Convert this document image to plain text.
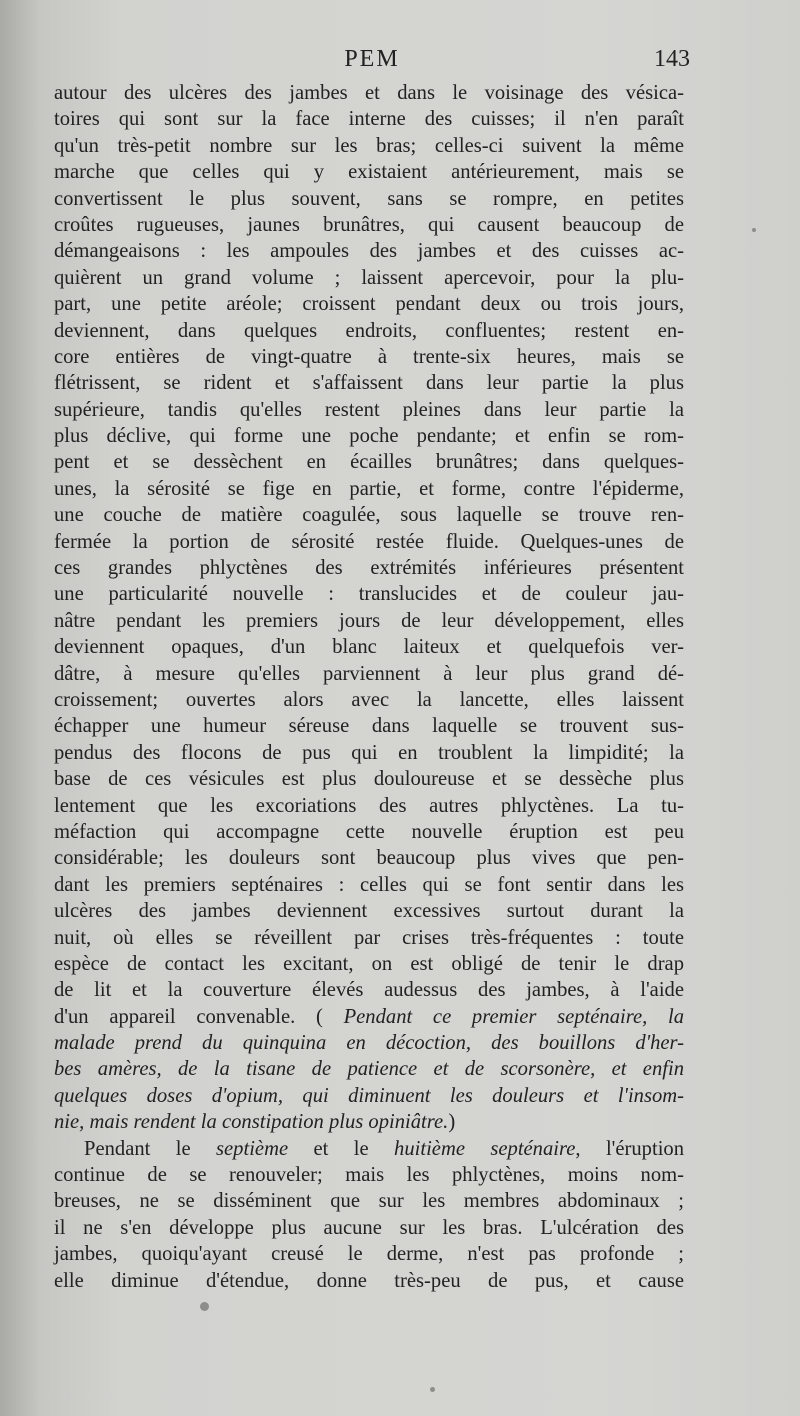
PEM	143
autour des ulcères des jambes et dans le voisinage des vésica-
toires qui sont sur la face interne des cuisses; il n'en paraît
qu'un très-petit nombre sur les bras; celles-ci suivent la même
marche que celles qui y existaient antérieurement, mais se
convertissent le plus souvent, sans se rompre, en petites
croûtes rugueuses, jaunes brunâtres, qui causent beaucoup de
démangeaisons : les ampoules des jambes et des cuisses ac-
quièrent un grand volume ; laissent apercevoir, pour la plu-
part, une petite aréole; croissent pendant deux ou trois jours,
deviennent, dans quelques endroits, confluentes; restent en-
core entières de vingt-quatre à trente-six heures, mais se
flétrissent, se rident et s'affaissent dans leur partie la plus
supérieure, tandis qu'elles restent pleines dans leur partie la
plus déclive, qui forme une poche pendante; et enfin se rom-
pent et se dessèchent en écailles brunâtres; dans quelques-
unes, la sérosité se fige en partie, et forme, contre l'épiderme,
une couche de matière coagulée, sous laquelle se trouve ren-
fermée la portion de sérosité restée fluide. Quelques-unes de
ces grandes phlyctènes des extrémités inférieures présentent
une particularité nouvelle : translucides et de couleur jau-
nâtre pendant les premiers jours de leur développement, elles
deviennent opaques, d'un blanc laiteux et quelquefois ver-
dâtre, à mesure qu'elles parviennent à leur plus grand dé-
croissement; ouvertes alors avec la lancette, elles laissent
échapper une humeur séreuse dans laquelle se trouvent sus-
pendus des flocons de pus qui en troublent la limpidité; la
base de ces vésicules est plus douloureuse et se dessèche plus
lentement que les excoriations des autres phlyctènes. La tu-
méfaction qui accompagne cette nouvelle éruption est peu
considérable; les douleurs sont beaucoup plus vives que pen-
dant les premiers septénaires : celles qui se font sentir dans les
ulcères des jambes deviennent excessives surtout durant la
nuit, où elles se réveillent par crises très-fréquentes : toute
espèce de contact les excitant, on est obligé de tenir le drap
de lit et la couverture élevés audessus des jambes, à l'aide
d'un appareil convenable. ( Pendant ce premier septénaire, la
malade prend du quinquina en décoction, des bouillons d'her-
bes amères, de la tisane de patience et de scorsonère, et enfin
quelques doses d'opium, qui diminuent les douleurs et l'insom-
nie, mais rendent la constipation plus opiniâtre.)
Pendant le septième et le huitième septénaire, l'éruption
continue de se renouveler; mais les phlyctènes, moins nom-
breuses, ne se disséminent que sur les membres abdominaux ;
il ne s'en développe plus aucune sur les bras. L'ulcération des
jambes, quoiqu'ayant creusé le derme, n'est pas profonde ;
elle diminue d'étendue, donne très-peu de pus, et cause
